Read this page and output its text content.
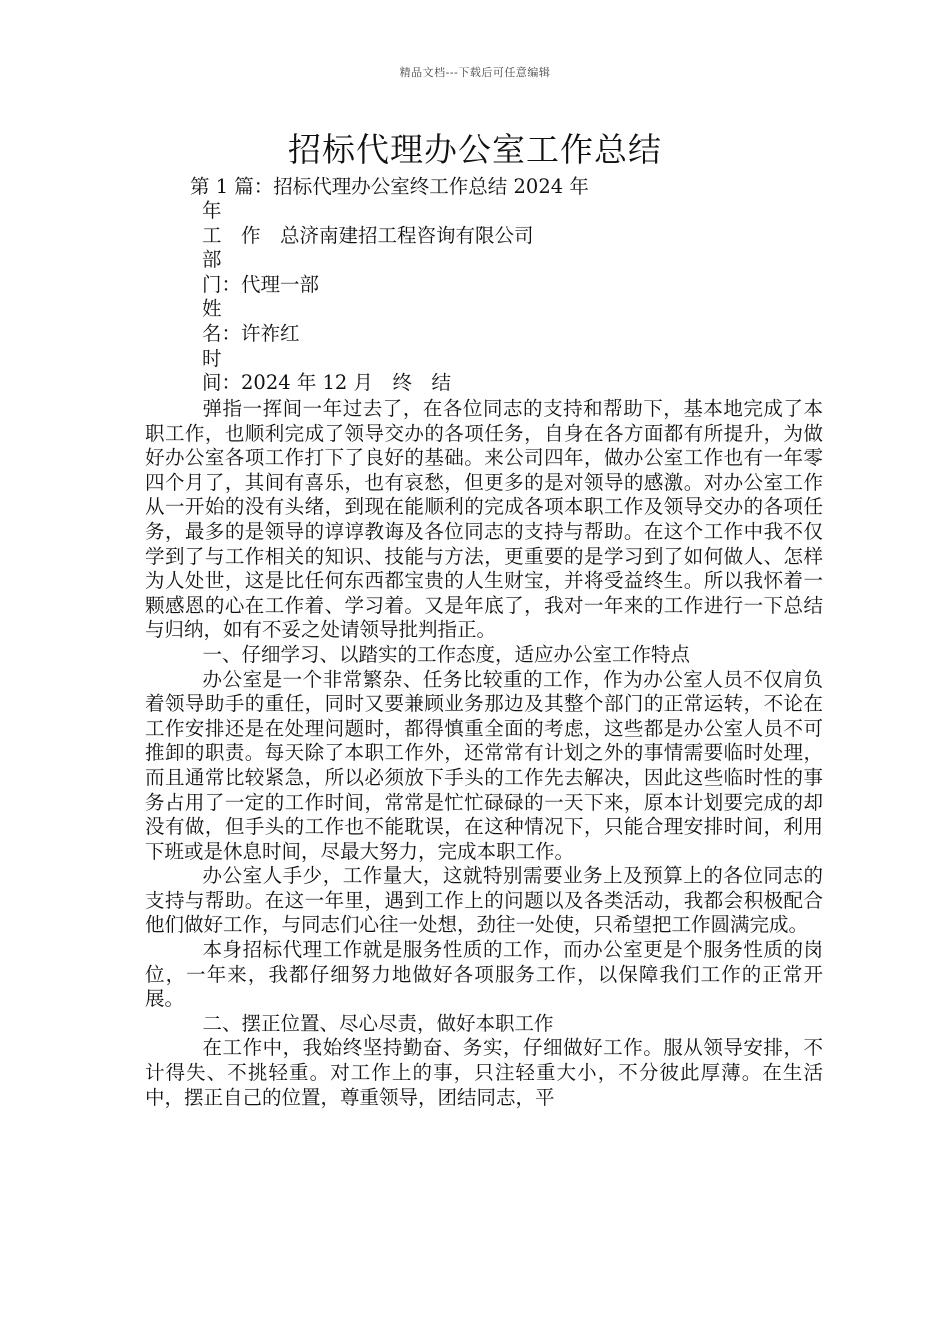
精品文档---下载后可任意编辑
招标代理办公室工作总结
第 1 篇：招标代理办公室终工作总结 2024 年
年
工　作　总济南建招工程咨询有限公司
部
门：代理一部
姓
名：许祚红
时
间：2024 年 12 月　终　结

弹指一挥间一年过去了，在各位同志的支持和帮助下，基本地完成了本职工作，也顺利完成了领导交办的各项任务，自身在各方面都有所提升，为做好办公室各项工作打下了良好的基础。来公司四年，做办公室工作也有一年零四个月了，其间有喜乐，也有哀愁，但更多的是对领导的感激。对办公室工作从一开始的没有头绪，到现在能顺利的完成各项本职工作及领导交办的各项任务，最多的是领导的谆谆教诲及各位同志的支持与帮助。在这个工作中我不仅学到了与工作相关的知识、技能与方法，更重要的是学习到了如何做人、怎样为人处世，这是比任何东西都宝贵的人生财宝，并将受益终生。所以我怀着一颗感恩的心在工作着、学习着。又是年底了，我对一年来的工作进行一下总结与归纳，如有不妥之处请领导批判指正。

一、仔细学习、以踏实的工作态度，适应办公室工作特点

办公室是一个非常繁杂、任务比较重的工作，作为办公室人员不仅肩负着领导助手的重任，同时又要兼顾业务那边及其整个部门的正常运转，不论在工作安排还是在处理问题时，都得慎重全面的考虑，这些都是办公室人员不可推卸的职责。每天除了本职工作外，还常常有计划之外的事情需要临时处理，而且通常比较紧急，所以必须放下手头的工作先去解决，因此这些临时性的事务占用了一定的工作时间，常常是忙忙碌碌的一天下来，原本计划要完成的却没有做，但手头的工作也不能耽误，在这种情况下，只能合理安排时间，利用下班或是休息时间，尽最大努力，完成本职工作。

办公室人手少，工作量大，这就特别需要业务上及预算上的各位同志的支持与帮助。在这一年里，遇到工作上的问题以及各类活动，我都会积极配合他们做好工作，与同志们心往一处想，劲往一处使，只希望把工作圆满完成。

本身招标代理工作就是服务性质的工作，而办公室更是个服务性质的岗位，一年来，我都仔细努力地做好各项服务工作，以保障我们工作的正常开展。

二、摆正位置、尽心尽责，做好本职工作

在工作中，我始终坚持勤奋、务实，仔细做好工作。服从领导安排，不计得失、不挑轻重。对工作上的事，只注轻重大小，不分彼此厚薄。在生活中，摆正自己的位置，尊重领导，团结同志，平
